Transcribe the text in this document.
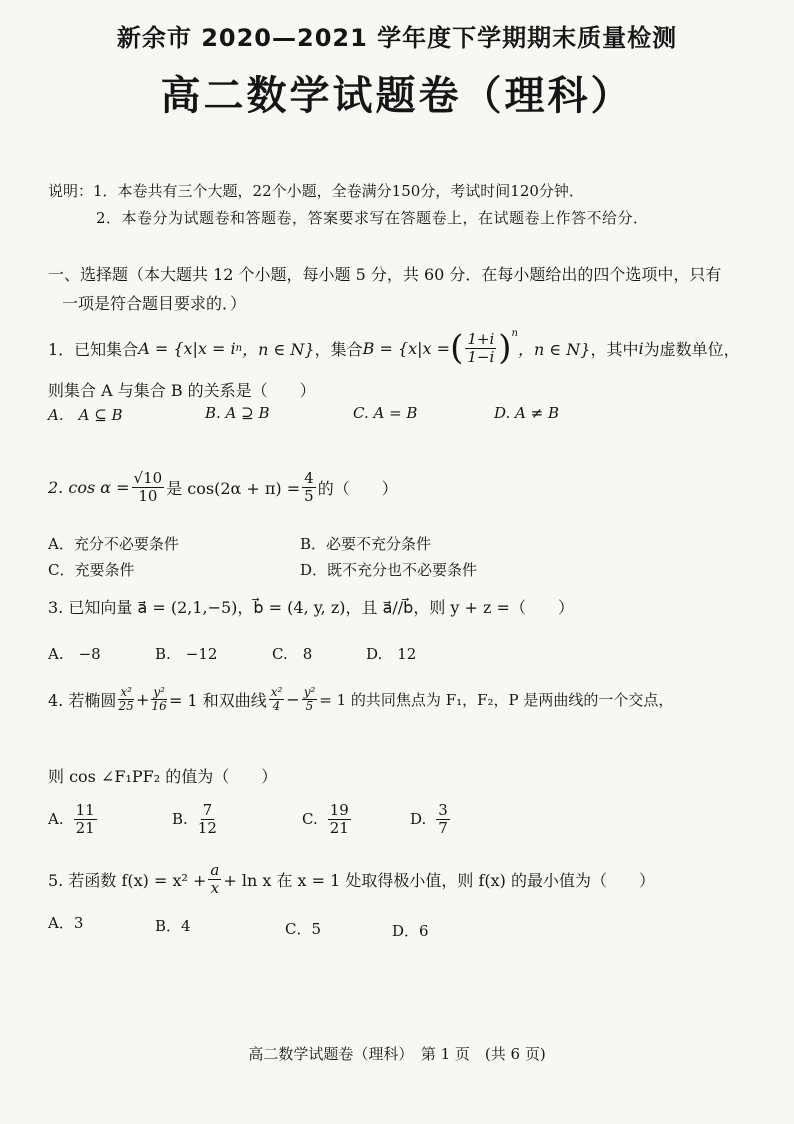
新余市 2020—2021 学年度下学期期末质量检测
高二数学试题卷（理科）
说明：1．本卷共有三个大题，22个小题，全卷满分150分，考试时间120分钟．
2．本卷分为试题卷和答题卷，答案要求写在答题卷上，在试题卷上作答不给分．
一、选择题（本大题共 12 个小题，每小题 5 分，共 60 分．在每小题给出的四个选项中，只有
一项是符合题目要求的．）
1．已知集合 A = {x|x = i n ，n ∈ N} ，集合 B = {x|x = ( $\frac{1+i}{1-i} )^n$
，n ∈ N} ，其中 i 为虚数单位，
则集合 A 与集合 B 的关系是（　　）
A.　A ⊆ B	B. A ⊇ B	C. A = B	D. A ≠ B
2. $\cos \alpha = \frac{√10}{10}$ 是 $\cos(2\alpha + \pi) = \frac{4}{5}$ 的（　　）
A．充分不必要条件	B．必要不充分条件
C．充要条件	D．既不充分也不必要条件
3. 已知向量 a⃗ = (2,1,−5)，b⃗ = (4, y, z)，且 a⃗//b⃗，则 y + z =（　　）
A.　−8	B.　−12	C.　8	D.　12
4. 若椭圆 $\frac{\text{x²}}{25} + \frac{\text{y²}}{16} = 1$ 和双曲线 $\frac{\text{x²}}{4} - \frac{\text{y²}}{5} = 1$ 的共同焦点为 F₁，F₂，P 是两曲线的一个交点，
则 cos ∠F₁PF₂ 的值为（　　）
A. $\frac{11}{21}$	B. $\frac{7}{12}$	C. $\frac{19}{21}$	D. $\frac{3}{7}$
5. 若函数 $f(x) = x^2 + \frac{a}{x} + \ln x$ 在 x = 1 处取得极小值，则 f(x) 的最小值为（　　）
A．3	B．4	C．5	D．6
高二数学试题卷（理科）　第 1 页　(共 6 页)
